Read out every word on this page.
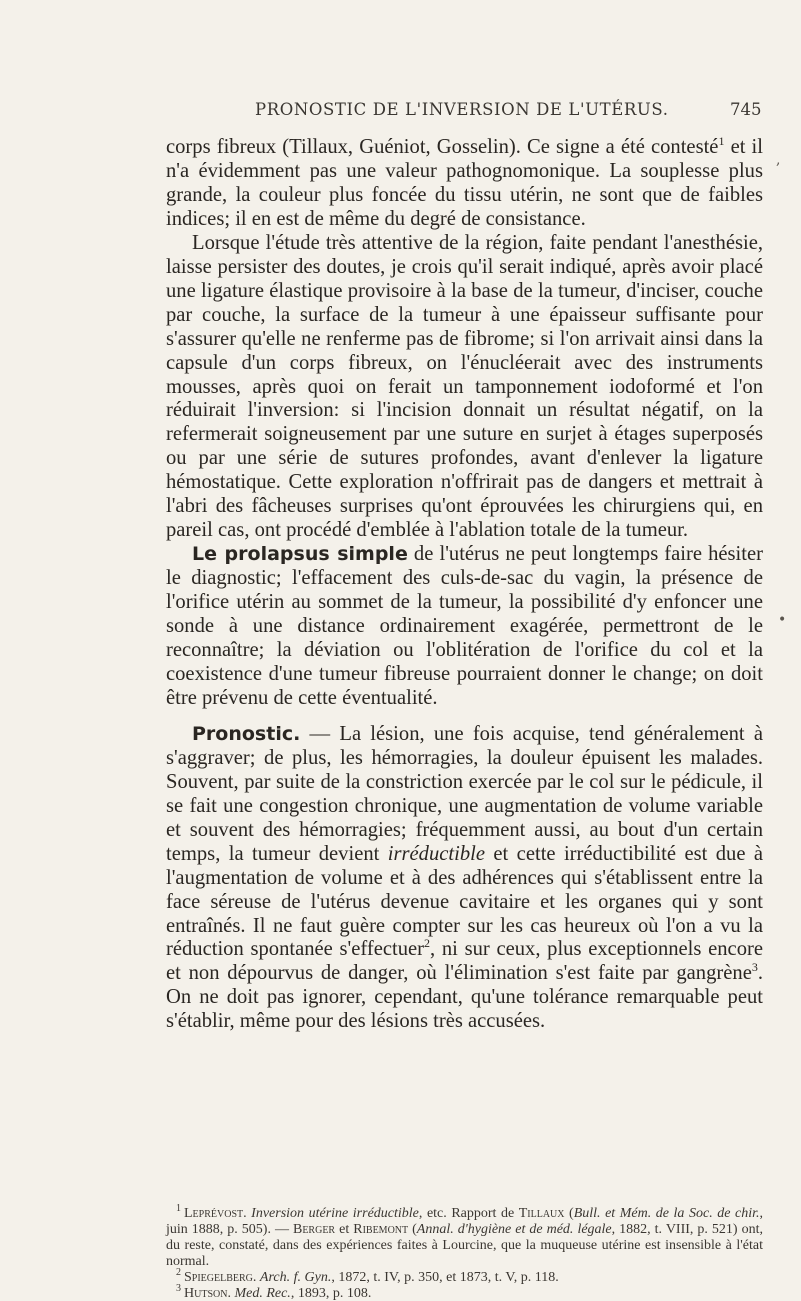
PRONOSTIC DE L'INVERSION DE L'UTÉRUS.	745

corps fibreux (Tillaux, Guéniot, Gosselin). Ce signe a été contesté$^1$ et il n'a évidemment pas une valeur pathognomonique. La souplesse plus grande, la couleur plus foncée du tissu utérin, ne sont que de faibles indices; il en est de même du degré de consistance.

Lorsque l'étude très attentive de la région, faite pendant l'anesthésie, laisse persister des doutes, je crois qu'il serait indiqué, après avoir placé une ligature élastique provisoire à la base de la tumeur, d'inciser, couche par couche, la surface de la tumeur à une épaisseur suffisante pour s'assurer qu'elle ne renferme pas de fibrome; si l'on arrivait ainsi dans la capsule d'un corps fibreux, on l'énucléerait avec des instruments mousses, après quoi on ferait un tamponnement iodoformé et l'on réduirait l'inversion: si l'incision donnait un résultat négatif, on la refermerait soigneusement par une suture en surjet à étages superposés ou par une série de sutures profondes, avant d'enlever la ligature hémostatique. Cette exploration n'offrirait pas de dangers et mettrait à l'abri des fâcheuses surprises qu'ont éprouvées les chirurgiens qui, en pareil cas, ont procédé d'emblée à l'ablation totale de la tumeur.

Le prolapsus simple de l'utérus ne peut longtemps faire hésiter le diagnostic; l'effacement des culs-de-sac du vagin, la présence de l'orifice utérin au sommet de la tumeur, la possibilité d'y enfoncer une sonde à une distance ordinairement exagérée, permettront de le reconnaître; la déviation ou l'oblitération de l'orifice du col et la coexistence d'une tumeur fibreuse pourraient donner le change; on doit être prévenu de cette éventualité.

Pronostic. — La lésion, une fois acquise, tend généralement à s'aggraver; de plus, les hémorragies, la douleur épuisent les malades. Souvent, par suite de la constriction exercée par le col sur le pédicule, il se fait une congestion chronique, une augmentation de volume variable et souvent des hémorragies; fréquemment aussi, au bout d'un certain temps, la tumeur devient irréductible et cette irréductibilité est due à l'augmentation de volume et à des adhérences qui s'établissent entre la face séreuse de l'utérus devenue cavitaire et les organes qui y sont entraînés. Il ne faut guère compter sur les cas heureux où l'on a vu la réduction spontanée s'effectuer$^2$, ni sur ceux, plus exceptionnels encore et non dépourvus de danger, où l'élimination s'est faite par gangrène$^3$. On ne doit pas ignorer, cependant, qu'une tolérance remarquable peut s'établir, même pour des lésions très accusées.

$^1$ Leprévost. Inversion utérine irréductible, etc. Rapport de Tillaux (Bull. et Mém. de la Soc. de chir., juin 1888, p. 505). — Berger et Ribemont (Annal. d'hygiène et de méd. légale, 1882, t. VIII, p. 521) ont, du reste, constaté, dans des expériences faites à Lourcine, que la muqueuse utérine est insensible à l'état normal.

$^2$ Spiegelberg. Arch. f. Gyn., 1872, t. IV, p. 350, et 1873, t. V, p. 118.

$^3$ Hutson. Med. Rec., 1893, p. 108.

,
•
